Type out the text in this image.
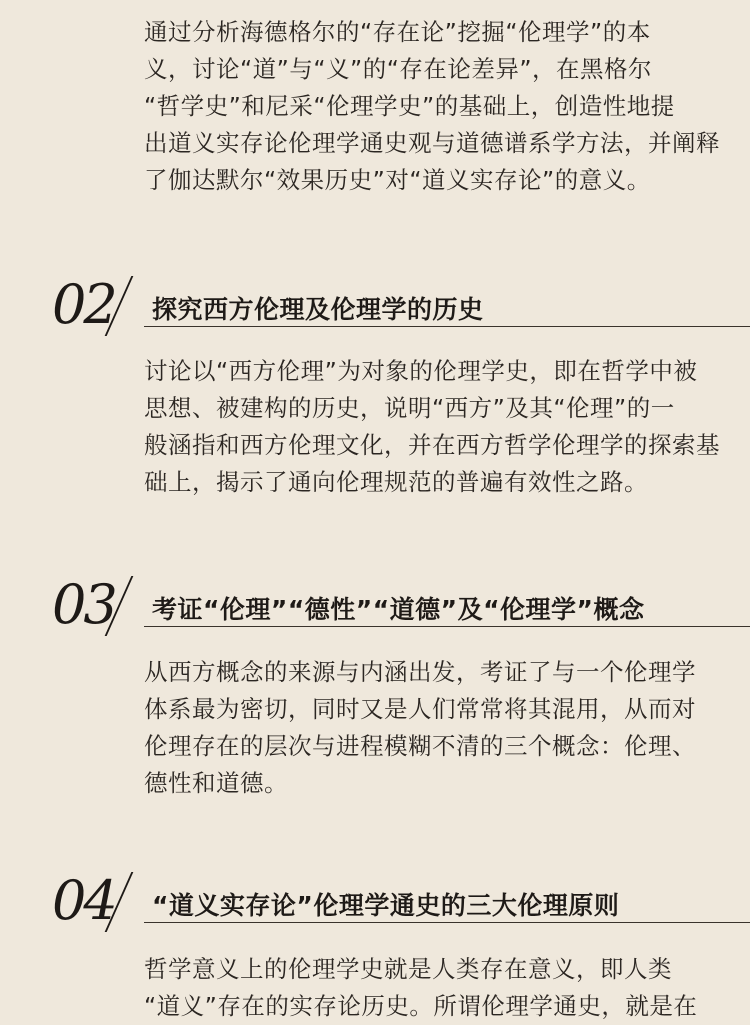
通过分析海德格尔的“存在论”挖掘“伦理学”的本
义，讨论“道”与“义”的“存在论差异”，在黑格尔
“哲学史”和尼采“伦理学史”的基础上，创造性地提
出道义实存论伦理学通史观与道德谱系学方法，并阐释
了伽达默尔“效果历史”对“道义实存论”的意义。
02 探究西方伦理及伦理学的历史
讨论以“西方伦理”为对象的伦理学史，即在哲学中被
思想、被建构的历史，说明“西方”及其“伦理”的一
般涵指和西方伦理文化，并在西方哲学伦理学的探索基
础上，揭示了通向伦理规范的普遍有效性之路。
03 考证“伦理”“德性”“道德”及“伦理学”概念
从西方概念的来源与内涵出发，考证了与一个伦理学
体系最为密切，同时又是人们常常将其混用，从而对
伦理存在的层次与进程模糊不清的三个概念：伦理、
德性和道德。
04 “道义实存论”伦理学通史的三大伦理原则
哲学意义上的伦理学史就是人类存在意义，即人类
“道义”存在的实存论历史。所谓伦理学通史，就是在
